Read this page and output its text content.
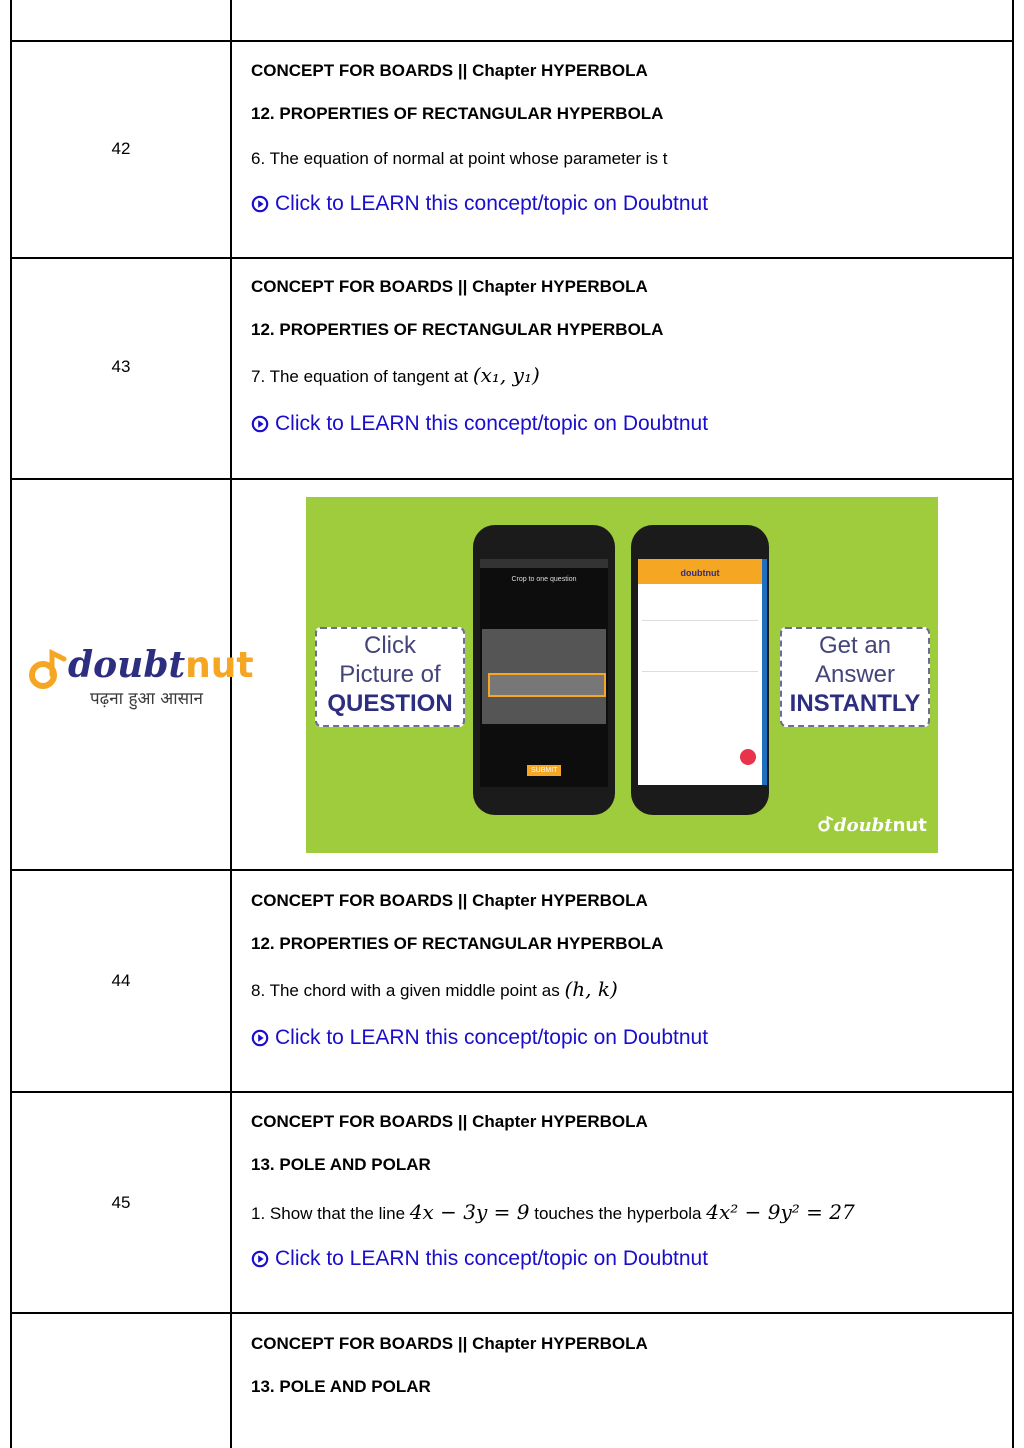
42
CONCEPT FOR BOARDS || Chapter HYPERBOLA
12. PROPERTIES OF RECTANGULAR HYPERBOLA
6. The equation of normal at point whose parameter is t
Click to LEARN this concept/topic on Doubtnut
43
CONCEPT FOR BOARDS || Chapter HYPERBOLA
12. PROPERTIES OF RECTANGULAR HYPERBOLA
7. The equation of tangent at (x₁, y₁)
Click to LEARN this concept/topic on Doubtnut
doubtnut
पढ़ना हुआ आसान
Click
Picture of
QUESTION
Get an
Answer
INSTANTLY
Crop to one question
SUBMIT
doubtnut
doubtnut
44
CONCEPT FOR BOARDS || Chapter HYPERBOLA
12. PROPERTIES OF RECTANGULAR HYPERBOLA
8. The chord with a given middle point as (h, k)
Click to LEARN this concept/topic on Doubtnut
45
CONCEPT FOR BOARDS || Chapter HYPERBOLA
13. POLE AND POLAR
1. Show that the line 4x − 3y = 9 touches the hyperbola 4x² − 9y² = 27
Click to LEARN this concept/topic on Doubtnut
CONCEPT FOR BOARDS || Chapter HYPERBOLA
13. POLE AND POLAR
